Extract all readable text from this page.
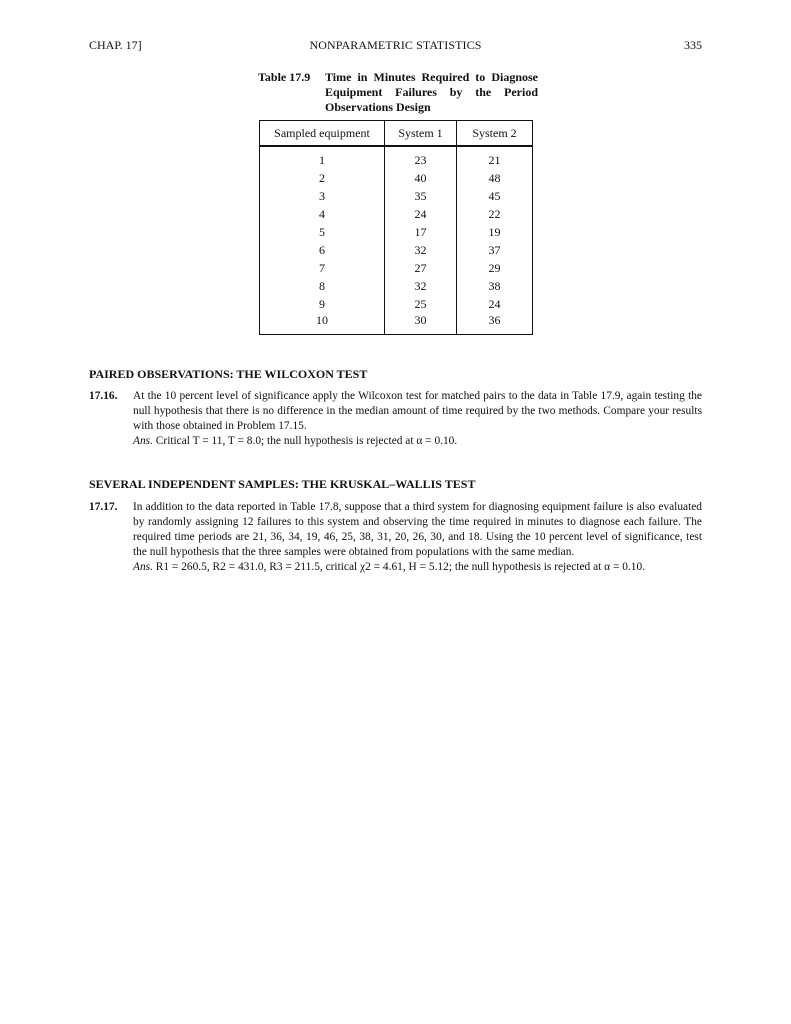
CHAP. 17]	NONPARAMETRIC STATISTICS	335
Table 17.9	Time in Minutes Required to Diagnose Equipment Failures by the Period Observations Design
Sampled equipment	System 1	System 2
1	23	21
2	40	48
3	35	45
4	24	22
5	17	19
6	32	37
7	27	29
8	32	38
9	25	24
10	30	36
PAIRED OBSERVATIONS: THE WILCOXON TEST
17.16. At the 10 percent level of significance apply the Wilcoxon test for matched pairs to the data in Table 17.9, again testing the null hypothesis that there is no difference in the median amount of time required by the two methods. Compare your results with those obtained in Problem 17.15.
Ans. Critical T = 11, T = 8.0; the null hypothesis is rejected at α = 0.10.
SEVERAL INDEPENDENT SAMPLES: THE KRUSKAL–WALLIS TEST
17.17. In addition to the data reported in Table 17.8, suppose that a third system for diagnosing equipment failure is also evaluated by randomly assigning 12 failures to this system and observing the time required in minutes to diagnose each failure. The required time periods are 21, 36, 34, 19, 46, 25, 38, 31, 20, 26, 30, and 18. Using the 10 percent level of significance, test the null hypothesis that the three samples were obtained from populations with the same median.
Ans. R1 = 260.5, R2 = 431.0, R3 = 211.5, critical χ2 = 4.61, H = 5.12; the null hypothesis is rejected at α = 0.10.
